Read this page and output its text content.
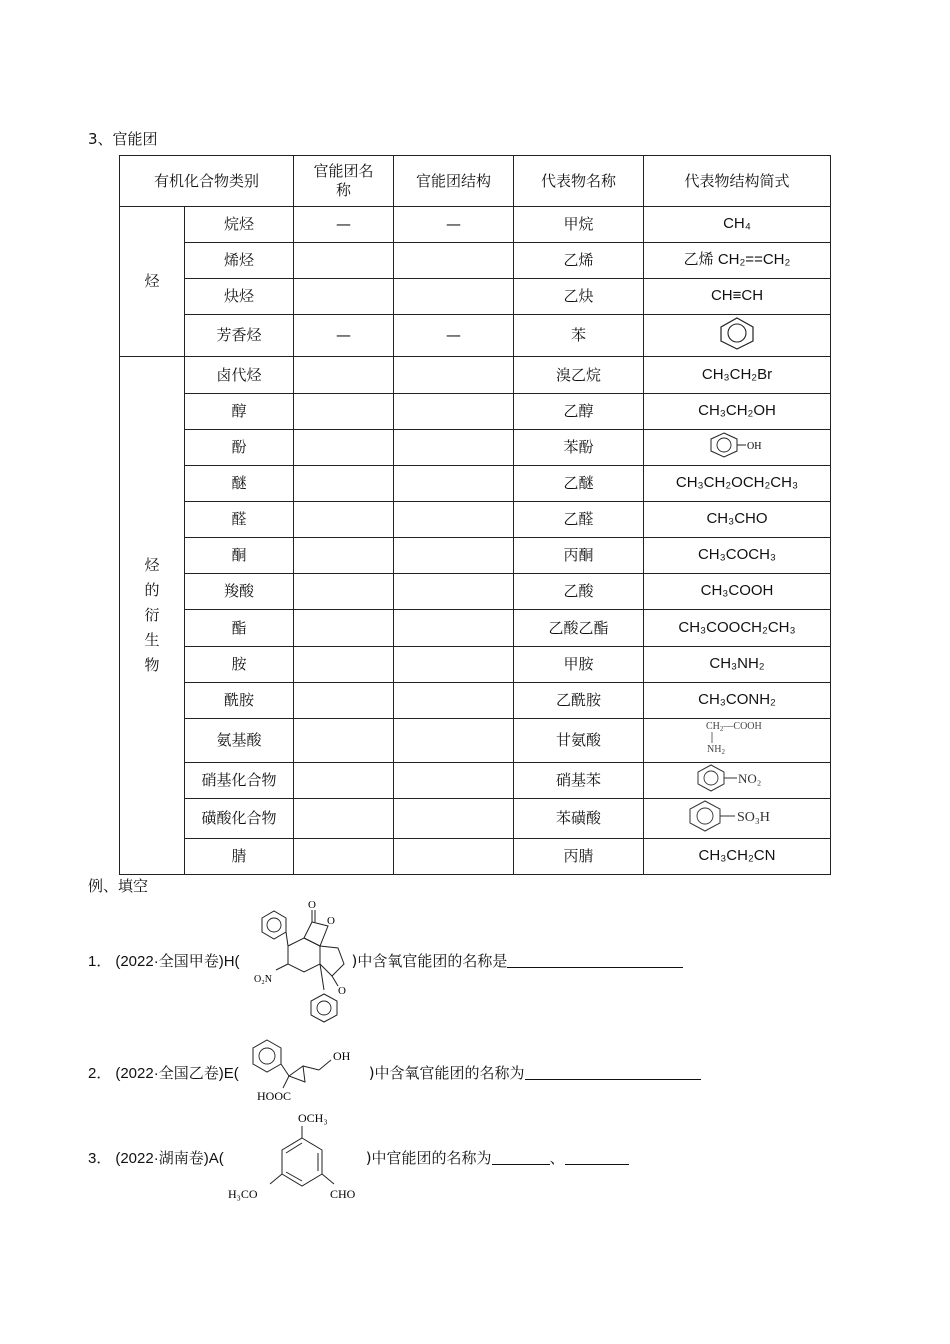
3、官能团
有机化合物类别		官能团名称	官能团结构	代表物名称	代表物结构简式
烃	烷烃	—	—	甲烷	CH₄
	烯烃			乙烯	乙烯 CH₂==CH₂
	炔烃			乙炔	CH≡CH
	芳香烃	—	—	苯	

烃的衍生物	卤代烃			溴乙烷	CH₃CH₂Br
	醇			乙醇	CH₃CH₂OH
	酚			苯酚	OH

	醚			乙醚	CH₃CH₂OCH₂CH₃
	醛			乙醛	CH₃CHO
	酮			丙酮	CH₃COCH₃
	羧酸			乙酸	CH₃COOH
	酯			乙酸乙酯	CH₃COOCH₂CH₃
	胺			甲胺	CH₃NH₂
	酰胺			乙酰胺	CH₃CONH₂
	氨基酸			甘氨酸	$CH_2—COOH$
$NH_2$

	硝基化合物			硝基苯	NO₂

	磺酸化合物			苯磺酸	SO₃H

	腈			丙腈	CH₃CH₂CN
例、填空
1． (2022·全国甲卷)H(
O
O
O
O₂N
)中含氧官能团的名称是
2． (2022·全国乙卷)E(
OH
HOOC
)中含氧官能团的名称为
3． (2022·湖南卷)A(
OCH₃
H₃CO	CHO
)中官能团的名称为	、
